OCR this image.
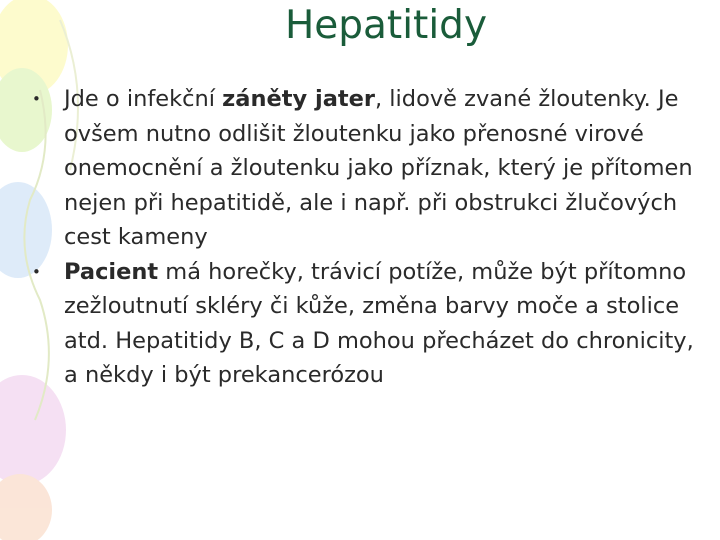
Hepatitidy
• Jde o infekční záněty jater, lidově zvané žloutenky. Je ovšem nutno odlišit žloutenku jako přenosné virové onemocnění a žloutenku jako příznak, který je přítomen nejen při hepatitidě, ale i např. při obstrukci žlučových cest kameny
• Pacient má horečky, trávicí potíže, může být přítomno zežloutnutí skléry či kůže, změna barvy moče a stolice atd. Hepatitidy B, C a D mohou přecházet do chronicity, a někdy i být prekancerózou
